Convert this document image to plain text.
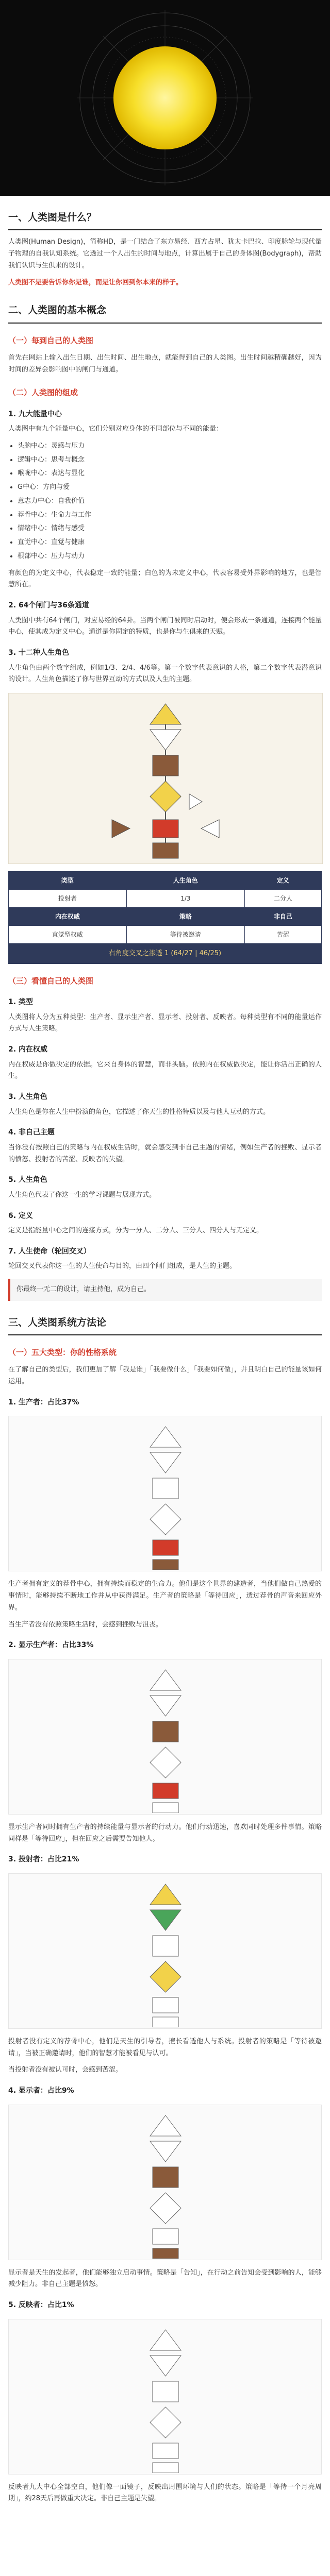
一、人类图是什么？

人类图(Human Design)，简称HD，是一门结合了东方易经、西方占星、犹太卡巴拉、印度脉轮与现代量子物理的自我认知系统。它透过一个人出生的时间与地点，计算出属于自己的身体图(Bodygraph)，帮助我们认识与生俱来的设计。

人类图不是要告诉你你是谁，而是让你回到你本来的样子。

二、人类图的基本概念
（一）每到自己的人类图

首先在网站上输入出生日期、出生时间、出生地点，就能得到自己的人类图。出生时间越精确越好，因为时间的差异会影响图中的闸门与通道。

（二）人类图的组成
1. 九大能量中心

人类图中有九个能量中心，它们分别对应身体的不同部位与不同的能量：

• 头脑中心：灵感与压力
• 逻辑中心：思考与概念
• 喉咙中心：表达与显化
• G中心：方向与爱
• 意志力中心：自我价值
• 荐骨中心：生命力与工作
• 情绪中心：情绪与感受
• 直觉中心：直觉与健康
• 根部中心：压力与动力

有颜色的为定义中心，代表稳定一致的能量；白色的为未定义中心，代表容易受外界影响的地方，也是智慧所在。

2. 64个闸门与36条通道

人类图中共有64个闸门，对应易经的64卦。当两个闸门被同时启动时，便会形成一条通道，连接两个能量中心，使其成为定义中心。通道是你固定的特质，也是你与生俱来的天赋。

3. 十二种人生角色

人生角色由两个数字组成，例如1/3、2/4、4/6等。第一个数字代表意识的人格，第二个数字代表潜意识的设计。人生角色描述了你与世界互动的方式以及人生的主题。

类型	人生角色	定义
投射者	1/3	二分人
内在权威	策略	非自己
直觉型权威	等待被邀请	苦涩
右角度交叉之渗透 1 (64/27 | 46/25)
（三）看懂自己的人类图
1. 类型

人类图将人分为五种类型：生产者、显示生产者、显示者、投射者、反映者。每种类型有不同的能量运作方式与人生策略。

2. 内在权威

内在权威是你做决定的依据。它来自身体的智慧，而非头脑。依照内在权威做决定，能让你活出正确的人生。

3. 人生角色

人生角色是你在人生中扮演的角色，它描述了你天生的性格特质以及与他人互动的方式。

4. 非自己主题

当你没有按照自己的策略与内在权威生活时，就会感受到非自己主题的情绪，例如生产者的挫败、显示者的愤怒、投射者的苦涩、反映者的失望。

5. 人生角色

人生角色代表了你这一生的学习课题与展现方式。

6. 定义

定义是指能量中心之间的连接方式，分为一分人、二分人、三分人、四分人与无定义。

7. 人生使命（轮回交叉）

轮回交叉代表你这一生的人生使命与目的，由四个闸门组成，是人生的主题。

你最终一无二的设计，请主持他，成为自己。
三、人类图系统方法论
（一）五大类型：你的性格系统

在了解自己的类型后，我们更加了解「我是谁」「我要做什么」「我要如何做」，并且明白自己的能量该如何运用。

1. 生产者：占比37%

生产者拥有定义的荐骨中心，拥有持续而稳定的生命力。他们是这个世界的建造者，当他们做自己热爱的事情时，能够持续不断地工作并从中获得满足。生产者的策略是「等待回应」，透过荐骨的声音来回应外界。

当生产者没有依照策略生活时，会感到挫败与沮丧。

2. 显示生产者：占比33%

显示生产者同时拥有生产者的持续能量与显示者的行动力。他们行动迅速，喜欢同时处理多件事情。策略同样是「等待回应」，但在回应之后需要告知他人。

3. 投射者：占比21%

投射者没有定义的荐骨中心，他们是天生的引导者，擅长看透他人与系统。投射者的策略是「等待被邀请」，当被正确邀请时，他们的智慧才能被看见与认可。

当投射者没有被认可时，会感到苦涩。

4. 显示者：占比9%

显示者是天生的发起者，他们能够独立启动事情。策略是「告知」，在行动之前告知会受到影响的人，能够减少阻力。非自己主题是愤怒。

5. 反映者：占比1%

反映者九大中心全部空白，他们像一面镜子，反映出周围环境与人们的状态。策略是「等待一个月亮周期」，约28天后再做重大决定。非自己主题是失望。
